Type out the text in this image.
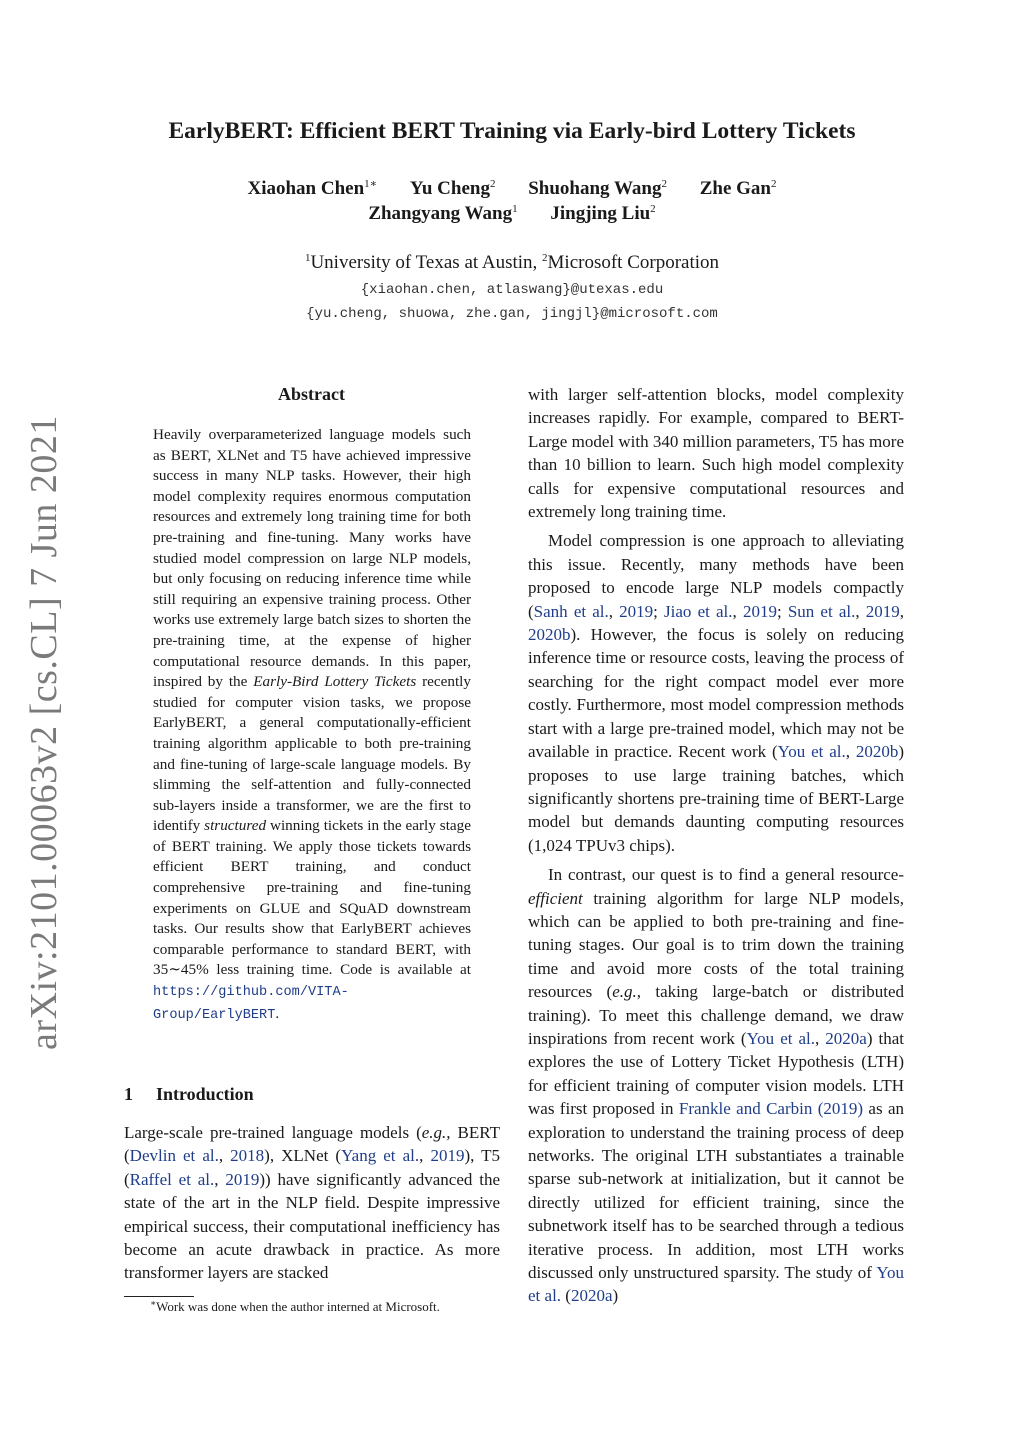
arXiv:2101.00063v2 [cs.CL] 7 Jun 2021
EarlyBERT: Efficient BERT Training via Early-bird Lottery Tickets
Xiaohan Chen$^{1∗}$ Yu Cheng$^2$ Shuohang Wang$^2$ Zhe Gan$^2$
Zhangyang Wang$^1$ Jingjing Liu$^2$
$^1$University of Texas at Austin, $^2$Microsoft Corporation
{xiaohan.chen, atlaswang}@utexas.edu
{yu.cheng, shuowa, zhe.gan, jingjl}@microsoft.com
Abstract
Heavily overparameterized language models such as BERT, XLNet and T5 have achieved impressive success in many NLP tasks. However, their high model complexity requires enormous computation resources and extremely long training time for both pre-training and fine-tuning. Many works have studied model compression on large NLP models, but only focusing on reducing inference time while still requiring an expensive training process. Other works use extremely large batch sizes to shorten the pre-training time, at the expense of higher computational resource demands. In this paper, inspired by the Early-Bird Lottery Tickets recently studied for computer vision tasks, we propose EarlyBERT, a general computationally-efficient training algorithm applicable to both pre-training and fine-tuning of large-scale language models. By slimming the self-attention and fully-connected sub-layers inside a transformer, we are the first to identify structured winning tickets in the early stage of BERT training. We apply those tickets towards efficient BERT training, and conduct comprehensive pre-training and fine-tuning experiments on GLUE and SQuAD downstream tasks. Our results show that EarlyBERT achieves comparable performance to standard BERT, with 35∼45% less training time. Code is available at https://github.com/VITA-Group/EarlyBERT.
1 Introduction
Large-scale pre-trained language models (e.g., BERT (Devlin et al., 2018), XLNet (Yang et al., 2019), T5 (Raffel et al., 2019)) have significantly advanced the state of the art in the NLP field. Despite impressive empirical success, their computational inefficiency has become an acute drawback in practice. As more transformer layers are stacked

with larger self-attention blocks, model complexity increases rapidly. For example, compared to BERT-Large model with 340 million parameters, T5 has more than 10 billion to learn. Such high model complexity calls for expensive computational resources and extremely long training time.

Model compression is one approach to alleviating this issue. Recently, many methods have been proposed to encode large NLP models compactly (Sanh et al., 2019; Jiao et al., 2019; Sun et al., 2019, 2020b). However, the focus is solely on reducing inference time or resource costs, leaving the process of searching for the right compact model ever more costly. Furthermore, most model compression methods start with a large pre-trained model, which may not be available in practice. Recent work (You et al., 2020b) proposes to use large training batches, which significantly shortens pre-training time of BERT-Large model but demands daunting computing resources (1,024 TPUv3 chips).

In contrast, our quest is to find a general resource-efficient training algorithm for large NLP models, which can be applied to both pre-training and fine-tuning stages. Our goal is to trim down the training time and avoid more costs of the total training resources (e.g., taking large-batch or distributed training). To meet this challenge demand, we draw inspirations from recent work (You et al., 2020a) that explores the use of Lottery Ticket Hypothesis (LTH) for efficient training of computer vision models. LTH was first proposed in Frankle and Carbin (2019) as an exploration to understand the training process of deep networks. The original LTH substantiates a trainable sparse sub-network at initialization, but it cannot be directly utilized for efficient training, since the subnetwork itself has to be searched through a tedious iterative process. In addition, most LTH works discussed only unstructured sparsity. The study of You et al. (2020a)

∗Work was done when the author interned at Microsoft.
